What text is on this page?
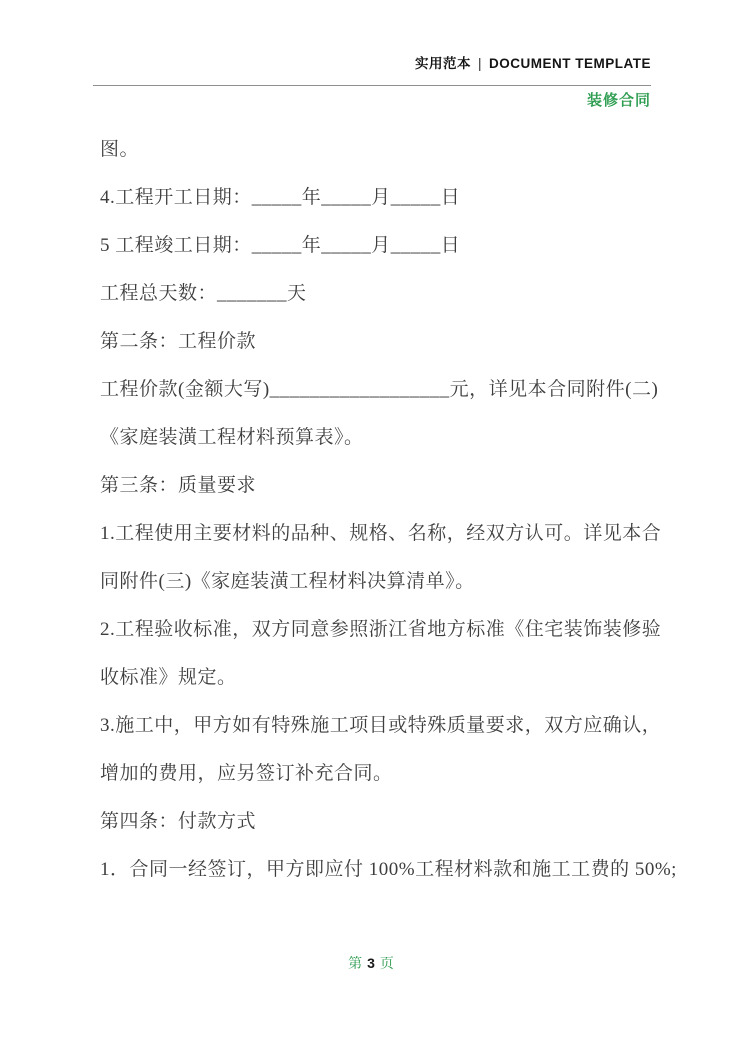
实用范本 | DOCUMENT TEMPLATE
装修合同
图。
4.工程开工日期：_____年_____月_____日
5 工程竣工日期：_____年_____月_____日
工程总天数：_______天
第二条：工程价款
工程价款(金额大写)__________________元，详见本合同附件(二)
《家庭装潢工程材料预算表》。
第三条：质量要求
1.工程使用主要材料的品种、规格、名称，经双方认可。详见本合
同附件(三)《家庭装潢工程材料决算清单》。
2.工程验收标准，双方同意参照浙江省地方标准《住宅装饰装修验
收标准》规定。
3.施工中，甲方如有特殊施工项目或特殊质量要求，双方应确认，
增加的费用，应另签订补充合同。
第四条：付款方式
1．合同一经签订，甲方即应付 100%工程材料款和施工工费的 50%;
第 3 页
